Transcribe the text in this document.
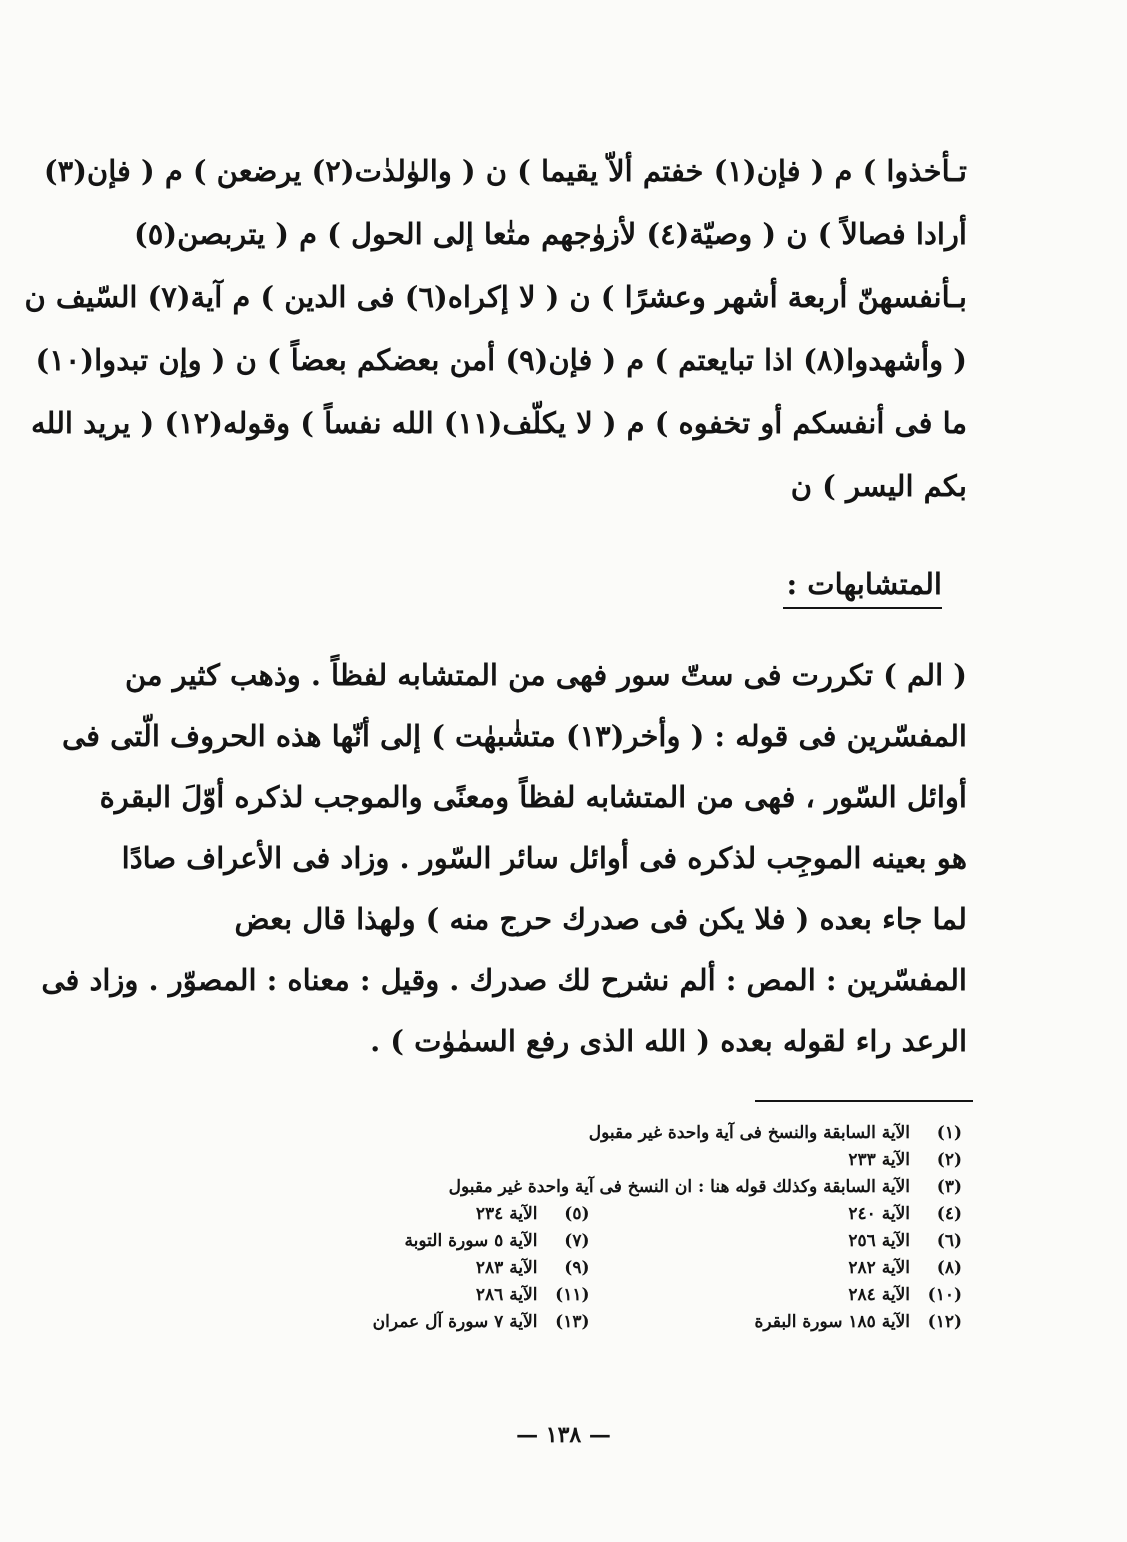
تـأخذوا ) م ( فإن(١) خفتم ألاّ يقيما ) ن ( والوٰلدٰت(٢) يرضعن ) م ( فإن(٣)
أرادا فصالاً ) ن ( وصيّة(٤) لأزوٰجهم متٰعا إلى الحول ) م ( يتربصن(٥)
بـأنفسهنّ أربعة أشهر وعشرًا ) ن ( لا إكراه(٦) فى الدين ) م آية(٧) السّيف ن
( وأشهدوا(٨) اذا تبايعتم ) م ( فإن(٩) أمن بعضكم بعضاً ) ن ( وإن تبدوا(١٠)
ما فى أنفسكم أو تخفوه ) م ( لا يكلّف(١١) الله نفساً ) وقوله(١٢) ( يريد الله
بكم اليسر ) ن
المتشابهات :
( الم ) تكررت فى ستّ سور فهى من المتشابه لفظاً . وذهب كثير من
المفسّرين فى قوله : ( وأخر(١٣) متشٰبهٰت ) إلى أنّها هذه الحروف الّتى فى
أوائل السّور ، فهى من المتشابه لفظاً ومعنًى والموجب لذكره أوّلَ البقرة
هو بعينه الموجِب لذكره فى أوائل سائر السّور . وزاد فى الأعراف صادًا
لما جاء بعده ( فلا يكن فى صدرك حرج منه ) ولهذا قال بعض
المفسّرين : المص : ألم نشرح لك صدرك . وقيل : معناه : المصوّر . وزاد فى
الرعد راء لقوله بعده ( الله الذى رفع السمٰوٰت ) .
(١)
الآية السابقة والنسخ فى آية واحدة غير مقبول
(٢)
الآية ٢٣٣
(٣)
الآية السابقة وكذلك قوله هنا : ان النسخ فى آية واحدة غير مقبول
(٤)
الآية ٢٤٠
(٥)
الآية ٢٣٤
(٦)
الآية ٢٥٦
(٧)
الآية ٥ سورة التوبة
(٨)
الآية ٢٨٢
(٩)
الآية ٢٨٣
(١٠)
الآية ٢٨٤
(١١)
الآية ٢٨٦
(١٢)
الآية ١٨٥ سورة البقرة
(١٣)
الآية ٧ سورة آل عمران
— ١٣٨ —
